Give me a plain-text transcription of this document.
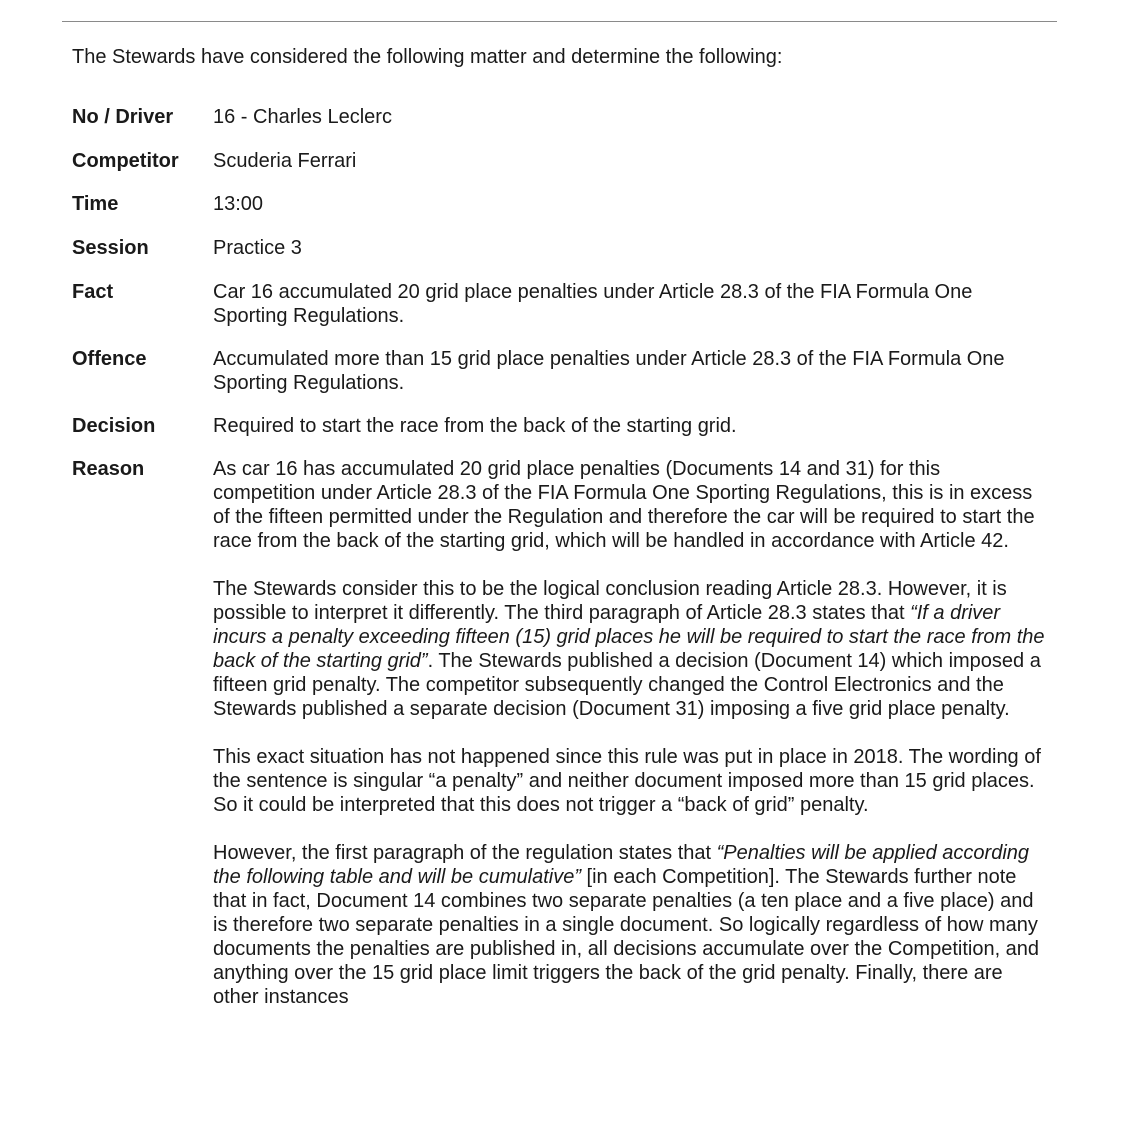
The Stewards have considered the following matter and determine the following:

No / Driver	16 - Charles Leclerc
Competitor	Scuderia Ferrari
Time	13:00
Session	Practice 3
Fact	Car 16 accumulated 20 grid place penalties under Article 28.3 of the FIA Formula One Sporting Regulations.
Offence	Accumulated more than 15 grid place penalties under Article 28.3 of the FIA Formula One Sporting Regulations.
Decision	Required to start the race from the back of the starting grid.
Reason	As car 16 has accumulated 20 grid place penalties (Documents 14 and 31) for this competition under Article 28.3 of the FIA Formula One Sporting Regulations, this is in excess of the fifteen permitted under the Regulation and therefore the car will be required to start the race from the back of the starting grid, which will be handled in accordance with Article 42.

The Stewards consider this to be the logical conclusion reading Article 28.3. However, it is possible to interpret it differently. The third paragraph of Article 28.3 states that “If a driver incurs a penalty exceeding fifteen (15) grid places he will be required to start the race from the back of the starting grid”. The Stewards published a decision (Document 14) which imposed a fifteen grid penalty. The competitor subsequently changed the Control Electronics and the Stewards published a separate decision (Document 31) imposing a five grid place penalty.

This exact situation has not happened since this rule was put in place in 2018. The wording of the sentence is singular “a penalty” and neither document imposed more than 15 grid places. So it could be interpreted that this does not trigger a “back of grid” penalty.

However, the first paragraph of the regulation states that “Penalties will be applied according the following table and will be cumulative” [in each Competition]. The Stewards further note that in fact, Document 14 combines two separate penalties (a ten place and a five place) and is therefore two separate penalties in a single document. So logically regardless of how many documents the penalties are published in, all decisions accumulate over the Competition, and anything over the 15 grid place limit triggers the back of the grid penalty. Finally, there are other instances
